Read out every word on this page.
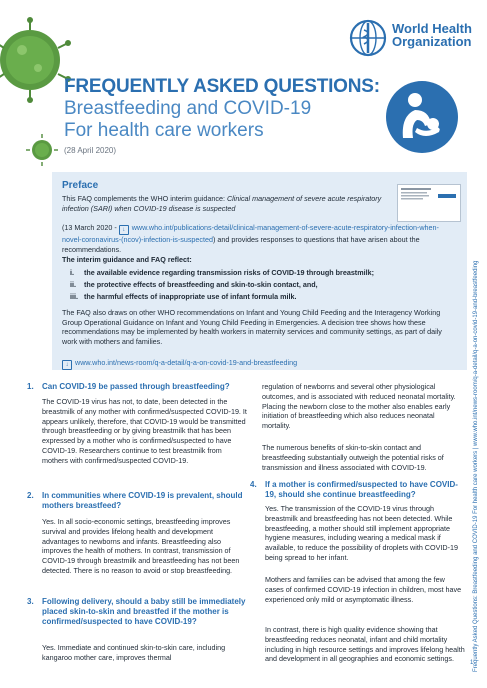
World Health
Organization
FREQUENTLY ASKED QUESTIONS:
Breastfeeding and COVID-19
For health care workers
(28 April 2020)
Preface
This FAQ complements the WHO interim guidance: Clinical management of severe acute respiratory infection (SARI) when COVID-19 disease is suspected
(13 March 2020 - ↓ www.who.int/publications-detail/clinical-management-of-severe-acute-respiratory-infection-when-novel-coronavirus-(ncov)-infection-is-suspected) and provides responses to questions that have arisen about the recommendations.
The interim guidance and FAQ reflect:
i. the available evidence regarding transmission risks of COVID-19 through breastmilk;
ii. the protective effects of breastfeeding and skin-to-skin contact, and,
iii. the harmful effects of inappropriate use of infant formula milk.
The FAQ also draws on other WHO recommendations on Infant and Young Child Feeding and the Interagency Working Group Operational Guidance on Infant and Young Child Feeding in Emergencies. A decision tree shows how these recommendations may be implemented by health workers in maternity services and community settings, as part of daily work with mothers and families.
↓ www.who.int/news-room/q-a-detail/q-a-on-covid-19-and-breastfeeding
1. Can COVID-19 be passed through breastfeeding?
The COVID-19 virus has not, to date, been detected in the breastmilk of any mother with confirmed/suspected COVID-19. It appears unlikely, therefore, that COVID-19 would be transmitted through breastfeeding or by giving breastmilk that has been expressed by a mother who is confirmed/suspected to have COVID-19. Researchers continue to test breastmilk from mothers with confirmed/suspected COVID-19.
2. In communities where COVID-19 is prevalent, should mothers breastfeed?
Yes. In all socio-economic settings, breastfeeding improves survival and provides lifelong health and development advantages to newborns and infants. Breastfeeding also improves the health of mothers. In contrast, transmission of COVID-19 through breastmilk and breastfeeding has not been detected. There is no reason to avoid or stop breastfeeding.
3. Following delivery, should a baby still be immediately placed skin-to-skin and breastfed if the mother is confirmed/suspected to have COVID-19?
Yes. Immediate and continued skin-to-skin care, including kangaroo mother care, improves thermal
regulation of newborns and several other physiological outcomes, and is associated with reduced neonatal mortality. Placing the newborn close to the mother also enables early initiation of breastfeeding which also reduces neonatal mortality.
The numerous benefits of skin-to-skin contact and breastfeeding substantially outweigh the potential risks of transmission and illness associated with COVID-19.
4. If a mother is confirmed/suspected to have COVID-19, should she continue breastfeeding?
Yes. The transmission of the COVID-19 virus through breastmilk and breastfeeding has not been detected. While breastfeeding, a mother should still implement appropriate hygiene measures, including wearing a medical mask if available, to reduce the possibility of droplets with COVID-19 being spread to her infant.
Mothers and families can be advised that among the few cases of confirmed COVID-19 infection in children, most have experienced only mild or asymptomatic illness.
In contrast, there is high quality evidence showing that breastfeeding reduces neonatal, infant and child mortality including in high resource settings and improves lifelong health and development in all geographies and economic settings.	Frequently Asked Questions: Breastfeeding and COVID-19 For health care workers | www.who.int/news-room/q-a-detail/q-a-on-covid-19-and-breastfeeding
1
